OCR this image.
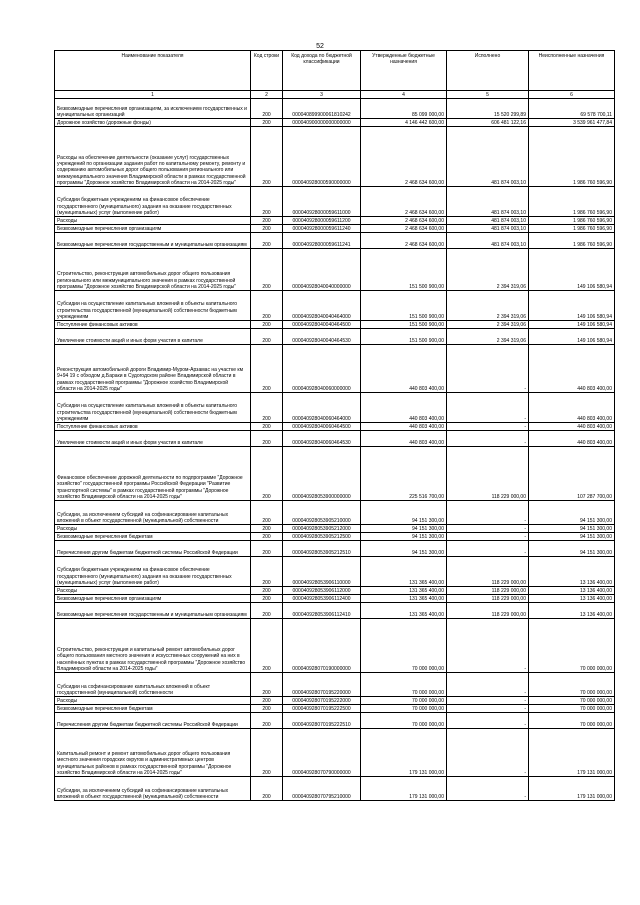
52
Наименование показателя	Код строки	Код дохода по бюджетной классификации	Утвержденные бюджетные назначения	Исполнено	Неисполненные назначения
1	2	3	4	5	6
Безвозмездные перечисления организациям, за исключением государственных и муниципальных организаций	200	000040899900061810242	85 099 000,00	15 520 299,89	69 578 700,11
Дорожное хозяйство (дорожные фонды)	200	000040900000000000000	4 146 442 600,00	606 481 122,16	3 539 961 477,84
Расходы на обеспечение деятельности (оказание услуг) государственных учреждений по организации задания работ по капитальному ремонту, ремонту и содержанию автомобильных дорог общего пользования регионального или межмуниципального значения Владимирской области в рамках государственной программы "Дорожное хозяйство Владимирской области на 2014-2025 годы"	200	000040928000590000000	2 468 634 600,00	481 874 003,10	1 986 760 596,90
Субсидии бюджетным учреждениям на финансовое обеспечение государственного (муниципального) задания на оказание государственных (муниципальных) услуг (выполнение работ)	200	000040928000059611000	2 468 634 600,00	481 874 003,10	1 986 760 596,90
Расходы	200	000040928000059611200	2 468 634 600,00	481 874 003,10	1 986 760 596,90
Безвозмездные перечисления организациям	200	000040928000059611240	2 468 634 600,00	481 874 003,10	1 986 760 596,90
Безвозмездные перечисления государственным и муниципальным организациям	200	000040928000059611241	2 468 634 600,00	481 874 003,10	1 986 760 596,90
Строительство, реконструкция автомобильных дорог общего пользования регионального или межмуниципального значения в рамках государственной программы "Дорожное хозяйство Владимирской области на 2014-2025 годы"	200	000040928040040000000	151 500 900,00	2 394 319,06	149 106 580,94
Субсидии на осуществление капитальных вложений в объекты капитального строительства государственной (муниципальной) собственности бюджетным учреждениям	200	000040928040040464000	151 500 900,00	2 394 319,06	149 106 580,94
Поступление финансовых активов	200	000040928040040464500	151 500 900,00	2 394 319,06	149 106 580,94
Увеличение стоимости акций и иных форм участия в капитале	200	000040928040040464530	151 500 900,00	2 394 319,06	149 106 580,94
Реконструкция автомобильной дороги Владимир-Муром-Арзамас на участке км 9+94 19 с обходом д.Бараки в Судогодском районе Владимирской области в рамках государственной программы "Дорожное хозяйство Владимирской области на 2014-2025 годы"	200	000040928040060000000	440 803 400,00	-	440 803 400,00
Субсидии на осуществление капитальных вложений в объекты капитального строительства государственной (муниципальной) собственности бюджетным учреждениям	200	000040928040060464000	440 803 400,00	-	440 803 400,00
Поступление финансовых активов	200	000040928040060464500	440 803 400,00	-	440 803 400,00
Увеличение стоимости акций и иных форм участия в капитале	200	000040928040060464530	440 803 400,00	-	440 803 400,00
Финансовое обеспечение дорожной деятельности по подпрограмме "Дорожное хозяйство" государственной программы Российской Федерации "Развитие транспортной системы" в рамках государственной программы "Дорожное хозяйство Владимирской области на 2014-2025 годы"	200	000040928053900000000	225 516 700,00	118 229 000,00	107 287 700,00
Субсидии, за исключением субсидий на софинансирование капитальных вложений в объект государственной (муниципальной) собственности	200	000040928053905210000	94 151 300,00	-	94 151 300,00
Расходы	200	000040928053905212000	94 151 300,00	-	94 151 300,00
Безвозмездные перечисления бюджетам	200	000040928053905212500	94 151 300,00	-	94 151 300,00
Перечисления другим бюджетам бюджетной системы Российской Федерации	200	000040928053905212510	94 151 300,00	-	94 151 300,00
Субсидии бюджетным учреждениям на финансовое обеспечение государственного (муниципального) задания на оказание государственных (муниципальных) услуг (выполнение работ)	200	000040928053906110000	131 365 400,00	118 229 000,00	13 136 400,00
Расходы	200	000040928053906112000	131 365 400,00	118 229 000,00	13 136 400,00
Безвозмездные перечисления организациям	200	000040928053906112400	131 365 400,00	118 229 000,00	13 136 400,00
Безвозмездные перечисления государственным и муниципальным организациям	200	000040928053906112410	131 365 400,00	118 229 000,00	13 136 400,00
Строительство, реконструкция и капитальный ремонт автомобильных дорог общего пользования местного значения и искусственных сооружений на них в населённых пунктах в рамках государственной программы "Дорожное хозяйство Владимирской области на 2014-2025 годы"	200	000040928070190000000	70 000 000,00	-	70 000 000,00
Субсидии на софинансирование капитальных вложений в объект государственной (муниципальной) собственности	200	000040928070195220000	70 000 000,00	-	70 000 000,00
Расходы	200	000040928070195222000	70 000 000,00	-	70 000 000,00
Безвозмездные перечисления бюджетам	200	000040928070195222500	70 000 000,00	-	70 000 000,00
Перечисления другим бюджетам бюджетной системы Российской Федерации	200	000040928070195222510	70 000 000,00	-	70 000 000,00
Капитальный ремонт и ремонт автомобильных дорог общего пользования местного значения городских округов и административных центров муниципальных районов в рамках государственной программы "Дорожное хозяйство Владимирской области на 2014-2025 годы"	200	000040928070790000000	179 131 000,00	-	179 131 000,00
Субсидии, за исключением субсидий на софинансирование капитальных вложений в объект государственной (муниципальной) собственности	200	000040928070795210000	179 131 000,00	-	179 131 000,00
